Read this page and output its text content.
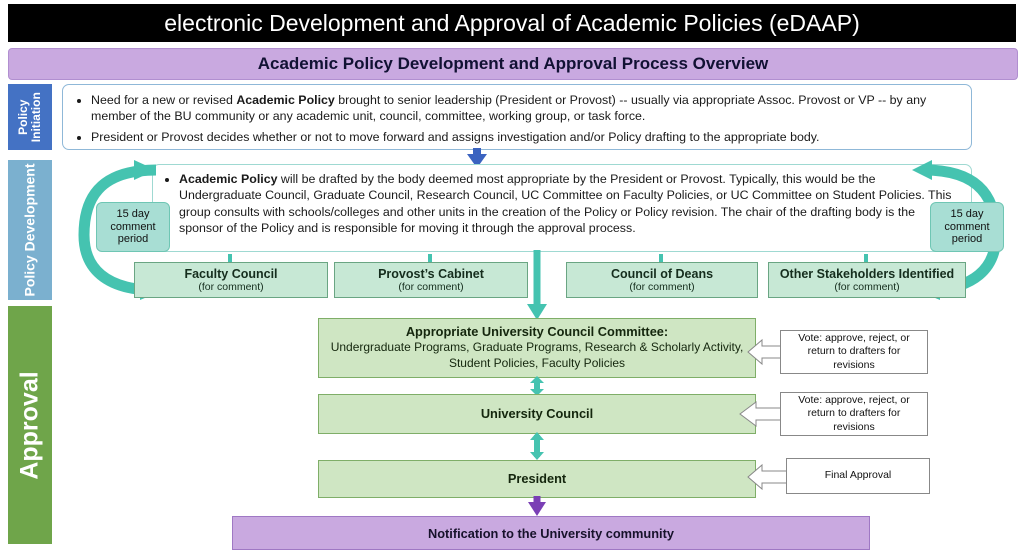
electronic Development and Approval of Academic Policies (eDAAP)
Academic Policy Development and Approval Process Overview
Policy Initiation
Policy Development
Approval
• Need for a new or revised Academic Policy brought to senior leadership (President or Provost) -- usually via appropriate Assoc. Provost or VP -- by any member of the BU community or any academic unit, council, committee, working group, or task force.
• President or Provost decides whether or not to move forward and assigns investigation and/or Policy drafting to the appropriate body.
• Academic Policy will be drafted by the body deemed most appropriate by the President or Provost. Typically, this would be the Undergraduate Council, Graduate Council, Research Council, UC Committee on Faculty Policies, or UC Committee on Student Policies. This group consults with schools/colleges and other units in the creation of the Policy or Policy revision. The chair of the drafting body is the sponsor of the Policy and is responsible for moving it through the approval process.
15 day comment period
15 day comment period
Faculty Council
(for comment)
Provost’s Cabinet
(for comment)
Council of Deans
(for comment)
Other Stakeholders Identified
(for comment)
Appropriate University Council Committee:
Undergraduate Programs, Graduate Programs, Research & Scholarly Activity, Student Policies, Faculty Policies
University Council
President
Vote: approve, reject, or return to drafters for revisions
Vote: approve, reject, or return to drafters for revisions
Final Approval
Notification to the University community
